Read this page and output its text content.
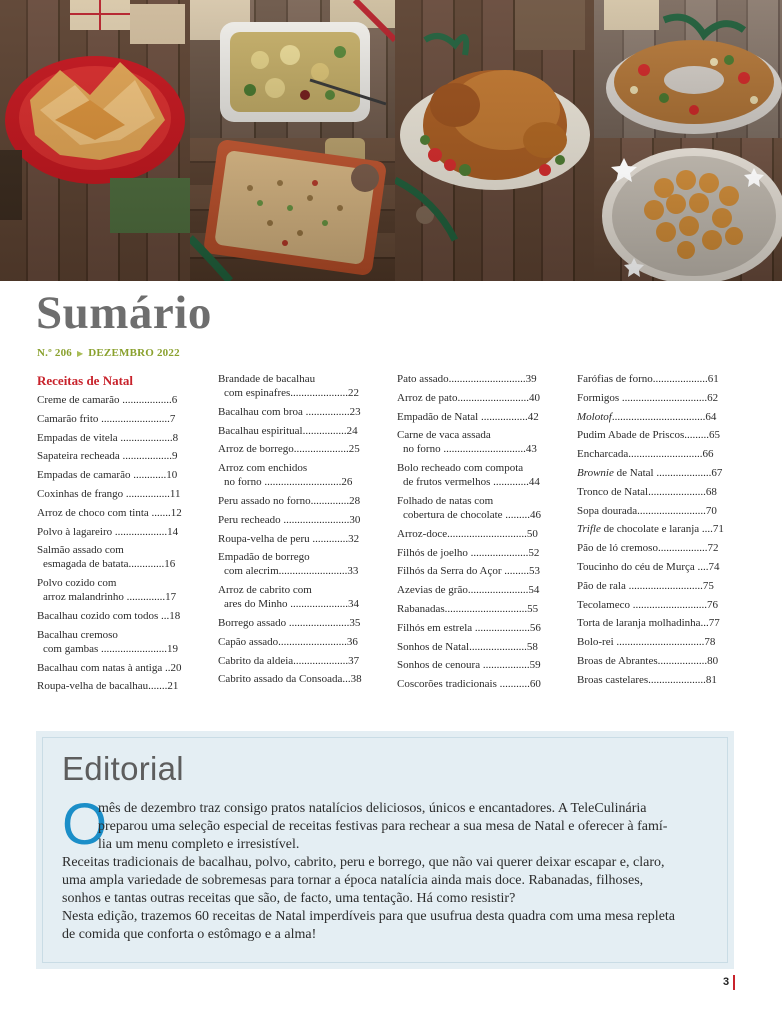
Sumário
N.º 206 ▶ DEZEMBRO 2022
Receitas de Natal
Creme de camarão ..................6
Camarão frito .........................7
Empadas de vitela ...................8
Sapateira recheada ..................9
Empadas de camarão ............10
Coxinhas de frango ................11
Arroz de choco com tinta .......12
Polvo à lagareiro ...................14
Salmão assado com
esmagada de batata.............16
Polvo cozido com
arroz malandrinho ..............17
Bacalhau cozido com todos ...18
Bacalhau cremoso
com gambas ........................19
Bacalhau com natas à antiga ..20
Roupa-velha de bacalhau.......21
Brandade de bacalhau
com espinafres.....................22
Bacalhau com broa ................23
Bacalhau espiritual................24
Arroz de borrego....................25
Arroz com enchidos
no forno ............................26
Peru assado no forno..............28
Peru recheado ........................30
Roupa-velha de peru .............32
Empadão de borrego
com alecrim.........................33
Arroz de cabrito com
ares do Minho .....................34
Borrego assado ......................35
Capão assado.........................36
Cabrito da aldeia....................37
Cabrito assado da Consoada...38
Pato assado............................39
Arroz de pato..........................40
Empadão de Natal .................42
Carne de vaca assada
no forno ..............................43
Bolo recheado com compota
de frutos vermelhos .............44
Folhado de natas com
cobertura de chocolate .........46
Arroz-doce.............................50
Filhós de joelho .....................52
Filhós da Serra do Açor .........53
Azevias de grão......................54
Rabanadas..............................55
Filhós em estrela ....................56
Sonhos de Natal.....................58
Sonhos de cenoura .................59
Coscorões tradicionais ...........60
Farófias de forno....................61
Formigos ...............................62
Molotof..................................64
Pudim Abade de Priscos.........65
Encharcada...........................66
Brownie de Natal ....................67
Tronco de Natal.....................68
Sopa dourada.........................70
Trifle de chocolate e laranja ....71
Pão de ló cremoso..................72
Toucinho do céu de Murça ....74
Pão de rala ...........................75
Tecolameco ...........................76
Torta de laranja molhadinha...77
Bolo-rei ................................78
Broas de Abrantes..................80
Broas castelares.....................81
Editorial
O
mês de dezembro traz consigo pratos natalícios deliciosos, únicos e encantadores. A TeleCulinária
preparou uma seleção especial de receitas festivas para rechear a sua mesa de Natal e oferecer à famí-
lia um menu completo e irresistível.
Receitas tradicionais de bacalhau, polvo, cabrito, peru e borrego, que não vai querer deixar escapar e, claro,
uma ampla variedade de sobremesas para tornar a época natalícia ainda mais doce. Rabanadas, filhoses,
sonhos e tantas outras receitas que são, de facto, uma tentação. Há como resistir?
Nesta edição, trazemos 60 receitas de Natal imperdíveis para que usufrua desta quadra com uma mesa repleta
de comida que conforta o estômago e a alma!
3
